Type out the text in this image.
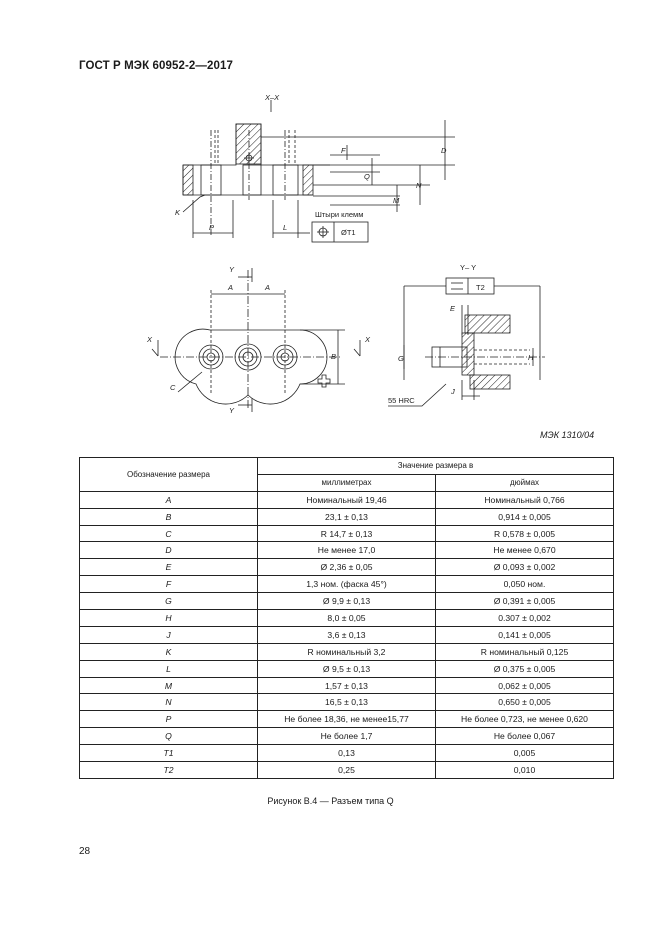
ГОСТ Р МЭК 60952-2—2017
X–X
D
F
Q
N
M
K
P	L
Штыри клемм
ØT1
Y
Y
A	A
X	X
B
C
Y– Y
T2
E
G	H
J
55 HRC
МЭК 1310/04
Обозначение размера	Значение размера в	
	миллиметрах	дюймах
A	Номинальный 19,46	Номинальный 0,766
B	23,1 ± 0,13	0,914 ± 0,005
C	R 14,7 ± 0,13	R 0,578 ± 0,005
D	Не менее 17,0	Не менее 0,670
E	Ø 2,36 ± 0,05	Ø 0,093 ± 0,002
F	1,3 ном. (фаска 45°)	0,050 ном.
G	Ø 9,9 ± 0,13	Ø 0,391 ± 0,005
H	8,0 ± 0,05	0.307 ± 0,002
J	3,6 ± 0,13	0,141 ± 0,005
K	R номинальный 3,2	R номинальный 0,125
L	Ø 9,5 ± 0,13	Ø 0,375 ± 0,005
M	1,57 ± 0,13	0,062 ± 0,005
N	16,5 ± 0,13	0,650 ± 0,005
P	Не более 18,36, не менее15,77	Не более 0,723, не менее 0,620
Q	Не более 1,7	Не более 0,067
T1	0,13	0,005
T2	0,25	0,010
Рисунок В.4 — Разъем типа Q
28
